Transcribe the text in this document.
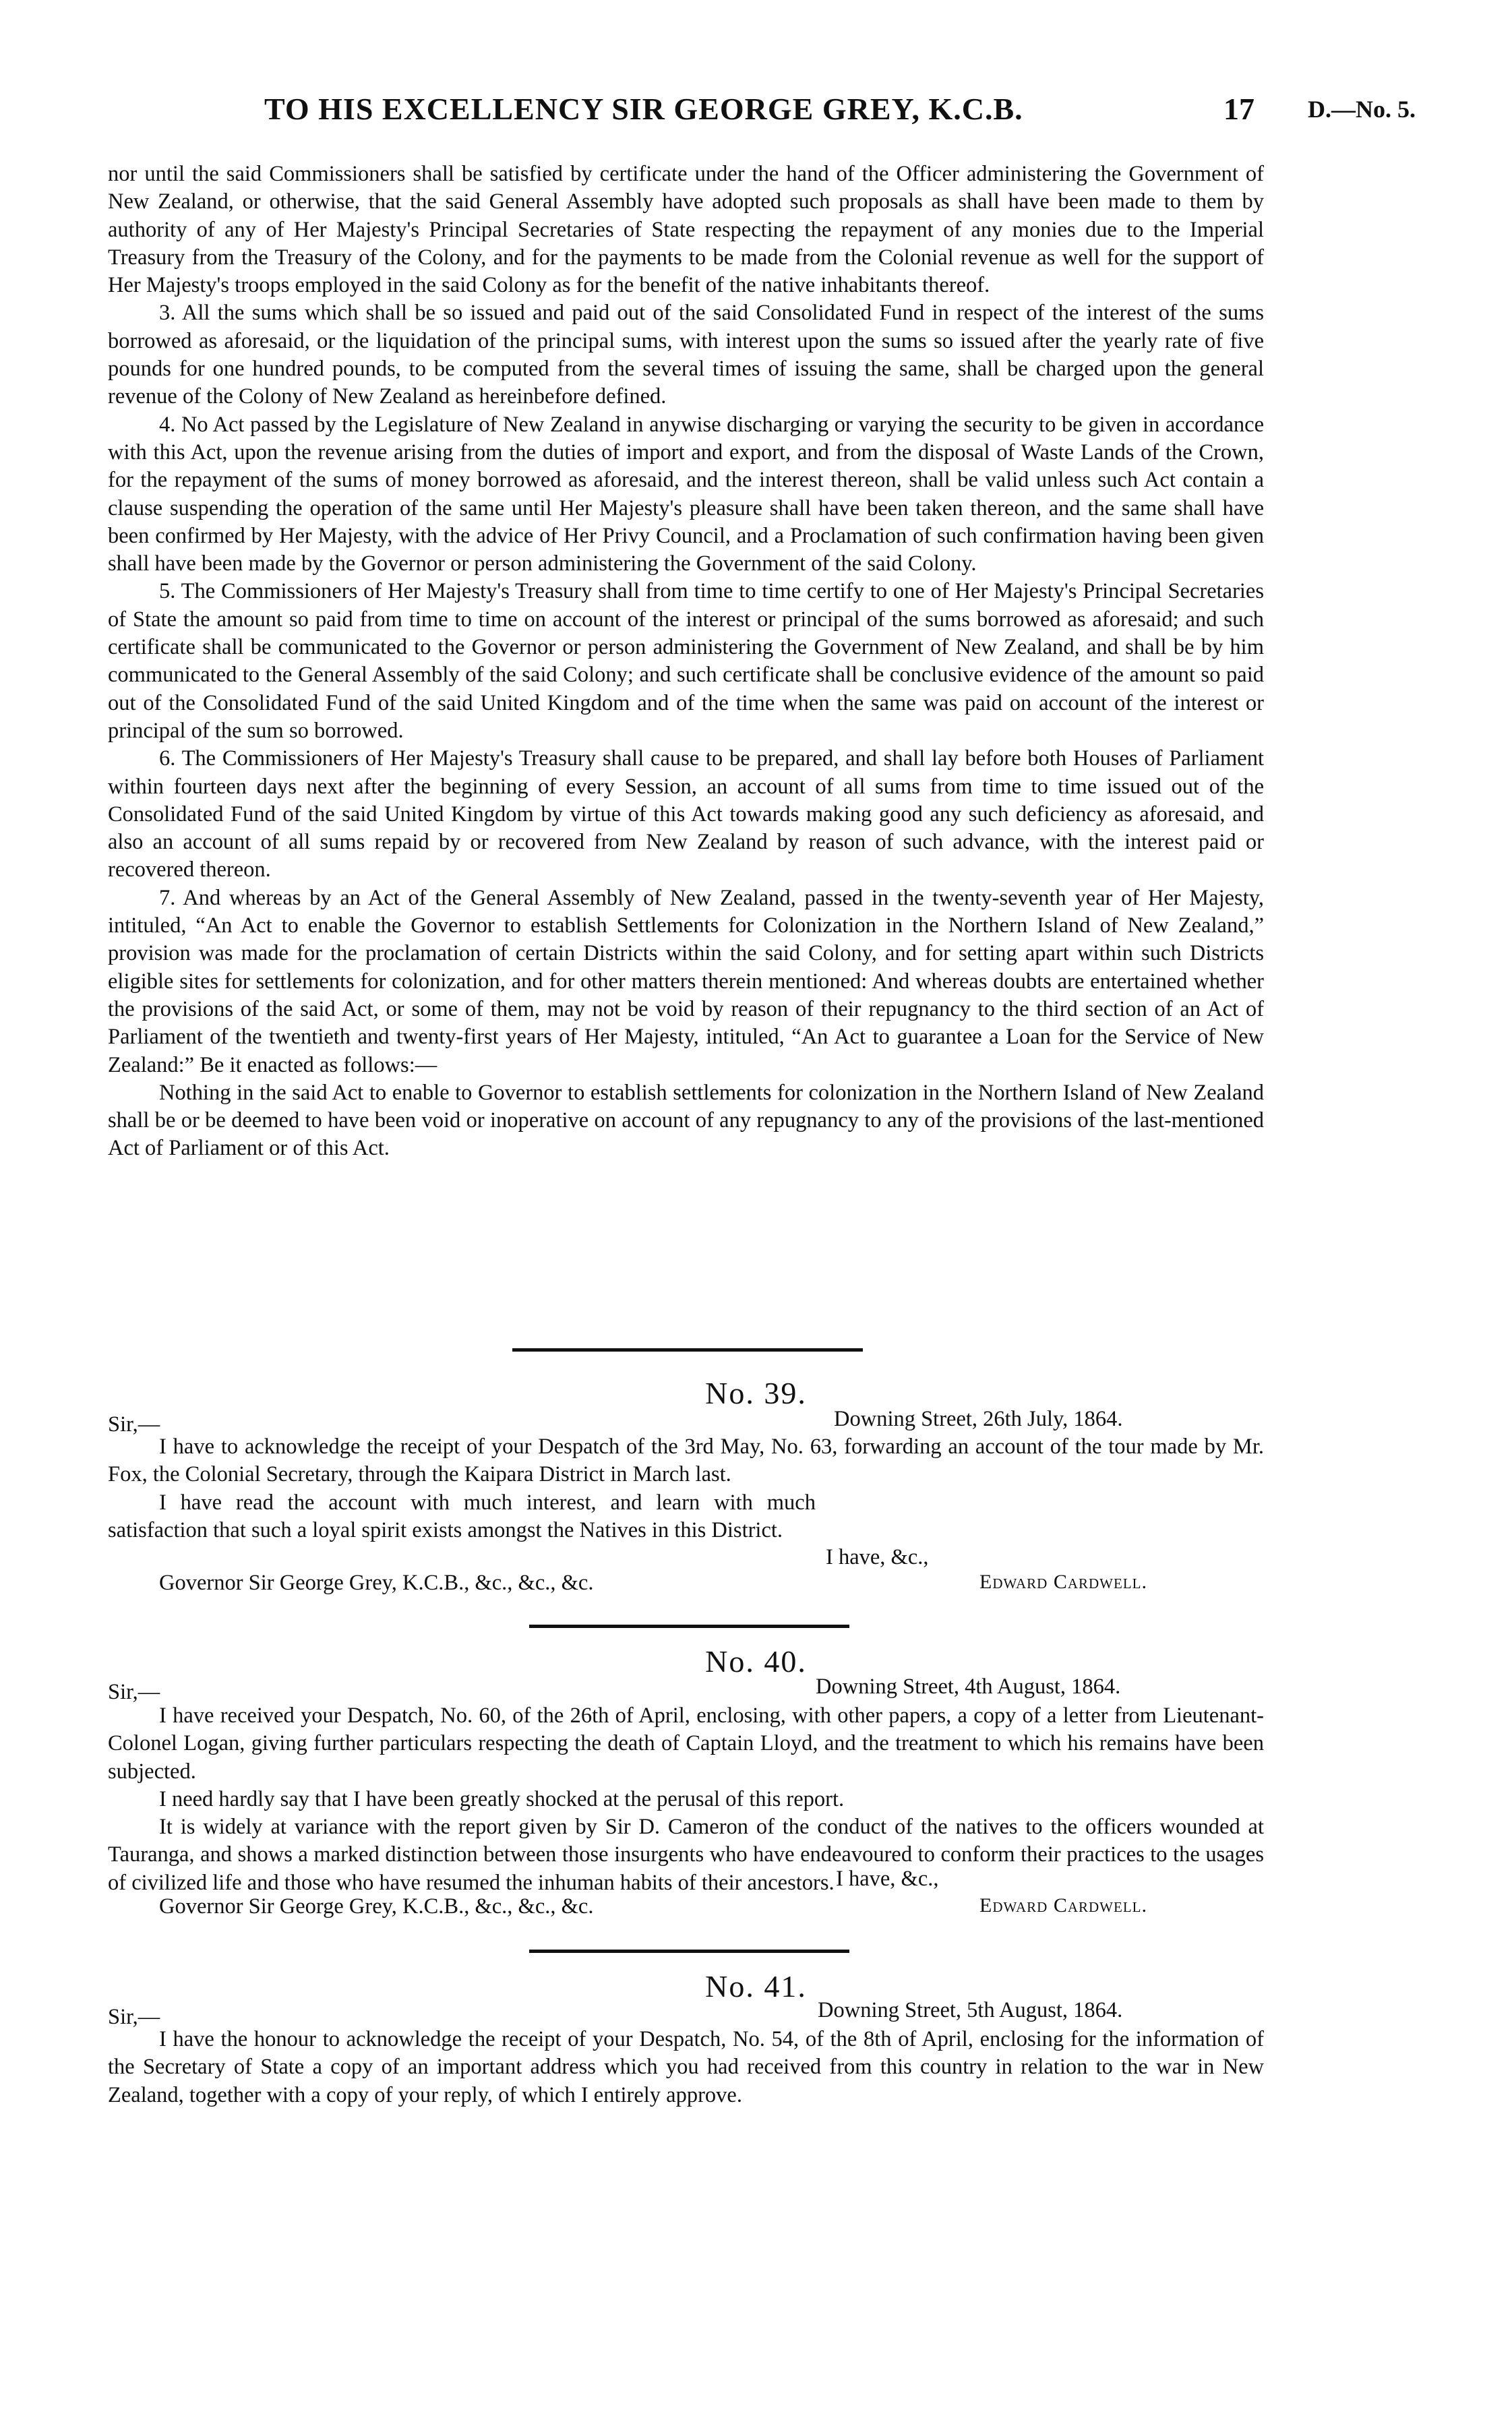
TO HIS EXCELLENCY SIR GEORGE GREY, K.C.B.	17 D.—No. 5.

nor until the said Commissioners shall be satisfied by certificate under the hand of the Officer administering the Government of New Zealand, or otherwise, that the said General Assembly have adopted such proposals as shall have been made to them by authority of any of Her Majesty's Principal Secretaries of State respecting the repayment of any monies due to the Imperial Treasury from the Treasury of the Colony, and for the payments to be made from the Colonial revenue as well for the support of Her Majesty's troops employed in the said Colony as for the benefit of the native inhabitants thereof.

3. All the sums which shall be so issued and paid out of the said Consolidated Fund in respect of the interest of the sums borrowed as aforesaid, or the liquidation of the principal sums, with interest upon the sums so issued after the yearly rate of five pounds for one hundred pounds, to be computed from the several times of issuing the same, shall be charged upon the general revenue of the Colony of New Zealand as hereinbefore defined.

4. No Act passed by the Legislature of New Zealand in anywise discharging or varying the security to be given in accordance with this Act, upon the revenue arising from the duties of import and export, and from the disposal of Waste Lands of the Crown, for the repayment of the sums of money borrowed as aforesaid, and the interest thereon, shall be valid unless such Act contain a clause suspending the operation of the same until Her Majesty's pleasure shall have been taken thereon, and the same shall have been confirmed by Her Majesty, with the advice of Her Privy Council, and a Proclamation of such confirmation having been given shall have been made by the Governor or person administering the Government of the said Colony.

5. The Commissioners of Her Majesty's Treasury shall from time to time certify to one of Her Majesty's Principal Secretaries of State the amount so paid from time to time on account of the interest or principal of the sums borrowed as aforesaid; and such certificate shall be communicated to the Governor or person administering the Government of New Zealand, and shall be by him communicated to the General Assembly of the said Colony; and such certificate shall be conclusive evidence of the amount so paid out of the Consolidated Fund of the said United Kingdom and of the time when the same was paid on account of the interest or principal of the sum so borrowed.

6. The Commissioners of Her Majesty's Treasury shall cause to be prepared, and shall lay before both Houses of Parliament within fourteen days next after the beginning of every Session, an account of all sums from time to time issued out of the Consolidated Fund of the said United Kingdom by virtue of this Act towards making good any such deficiency as aforesaid, and also an account of all sums repaid by or recovered from New Zealand by reason of such advance, with the interest paid or recovered thereon.

7. And whereas by an Act of the General Assembly of New Zealand, passed in the twenty-seventh year of Her Majesty, intituled, “An Act to enable the Governor to establish Settlements for Colonization in the Northern Island of New Zealand,” provision was made for the proclamation of certain Districts within the said Colony, and for setting apart within such Districts eligible sites for settlements for colonization, and for other matters therein mentioned: And whereas doubts are entertained whether the provisions of the said Act, or some of them, may not be void by reason of their repugnancy to the third section of an Act of Parliament of the twentieth and twenty-first years of Her Majesty, intituled, “An Act to guarantee a Loan for the Service of New Zealand:” Be it enacted as follows:—

Nothing in the said Act to enable to Governor to establish settlements for colonization in the Northern Island of New Zealand shall be or be deemed to have been void or inoperative on account of any repugnancy to any of the provisions of the last-mentioned Act of Parliament or of this Act.

No. 39.
Sir,—	Downing Street, 26th July, 1864.

I have to acknowledge the receipt of your Despatch of the 3rd May, No. 63, forwarding an account of the tour made by Mr. Fox, the Colonial Secretary, through the Kaipara District in March last.

I have read the account with much interest, and learn with much satisfaction that such a loyal spirit exists amongst the Natives in this District.

I have, &c.,
Governor Sir George Grey, K.C.B., &c., &c., &c.	Edward Cardwell.
No. 40.
Sir,—	Downing Street, 4th August, 1864.

I have received your Despatch, No. 60, of the 26th of April, enclosing, with other papers, a copy of a letter from Lieutenant-Colonel Logan, giving further particulars respecting the death of Captain Lloyd, and the treatment to which his remains have been subjected.

I need hardly say that I have been greatly shocked at the perusal of this report.

It is widely at variance with the report given by Sir D. Cameron of the conduct of the natives to the officers wounded at Tauranga, and shows a marked distinction between those insurgents who have endeavoured to conform their practices to the usages of civilized life and those who have resumed the inhuman habits of their ancestors. I have, &c.,
Governor Sir George Grey, K.C.B., &c., &c., &c.	Edward Cardwell.
No. 41.
Sir,—	Downing Street, 5th August, 1864.

I have the honour to acknowledge the receipt of your Despatch, No. 54, of the 8th of April, enclosing for the information of the Secretary of State a copy of an important address which you had received from this country in relation to the war in New Zealand, together with a copy of your reply, of which I entirely approve.
